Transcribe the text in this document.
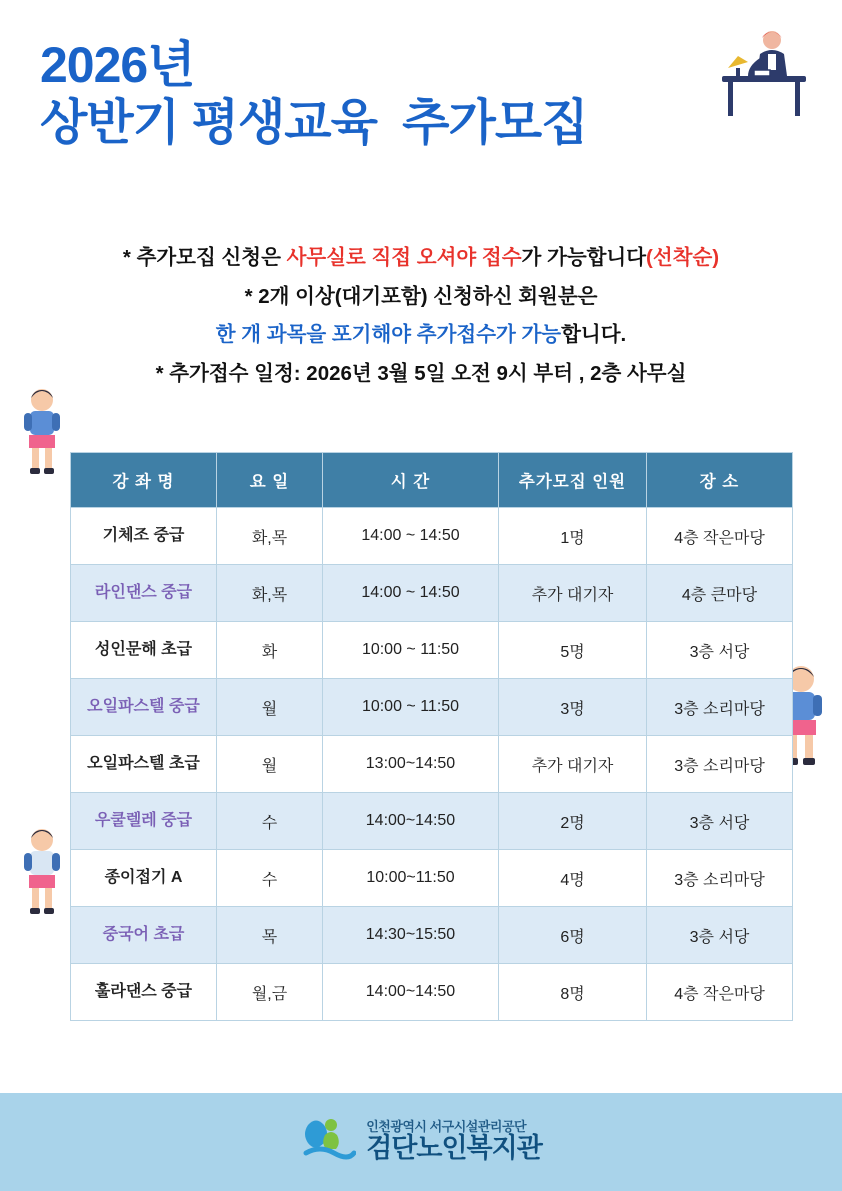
2026년
상반기 평생교육  추가모집
* 추가모집 신청은 사무실로 직접 오셔야 접수가 가능합니다(선착순)
* 2개 이상(대기포함) 신청하신 회원분은
한 개 과목을 포기해야 추가접수가 가능합니다.
* 추가접수 일정: 2026년 3월 5일 오전 9시 부터 , 2층 사무실
강 좌 명	요 일	시 간	추가모집 인원	장 소
기체조 중급	화,목	14:00 ~ 14:50	1명	4층 작은마당
라인댄스 중급	화,목	14:00 ~ 14:50	추가 대기자	4층 큰마당
성인문해 초급	화	10:00 ~ 11:50	5명	3층 서당
오일파스텔 중급	월	10:00 ~ 11:50	3명	3층 소리마당
오일파스텔 초급	월	13:00~14:50	추가 대기자	3층 소리마당
우쿨렐레 중급	수	14:00~14:50	2명	3층 서당
종이접기 A	수	10:00~11:50	4명	3층 소리마당
중국어 초급	목	14:30~15:50	6명	3층 서당
훌라댄스 중급	월,금	14:00~14:50	8명	4층 작은마당
인천광역시 서구시설관리공단
검단노인복지관
